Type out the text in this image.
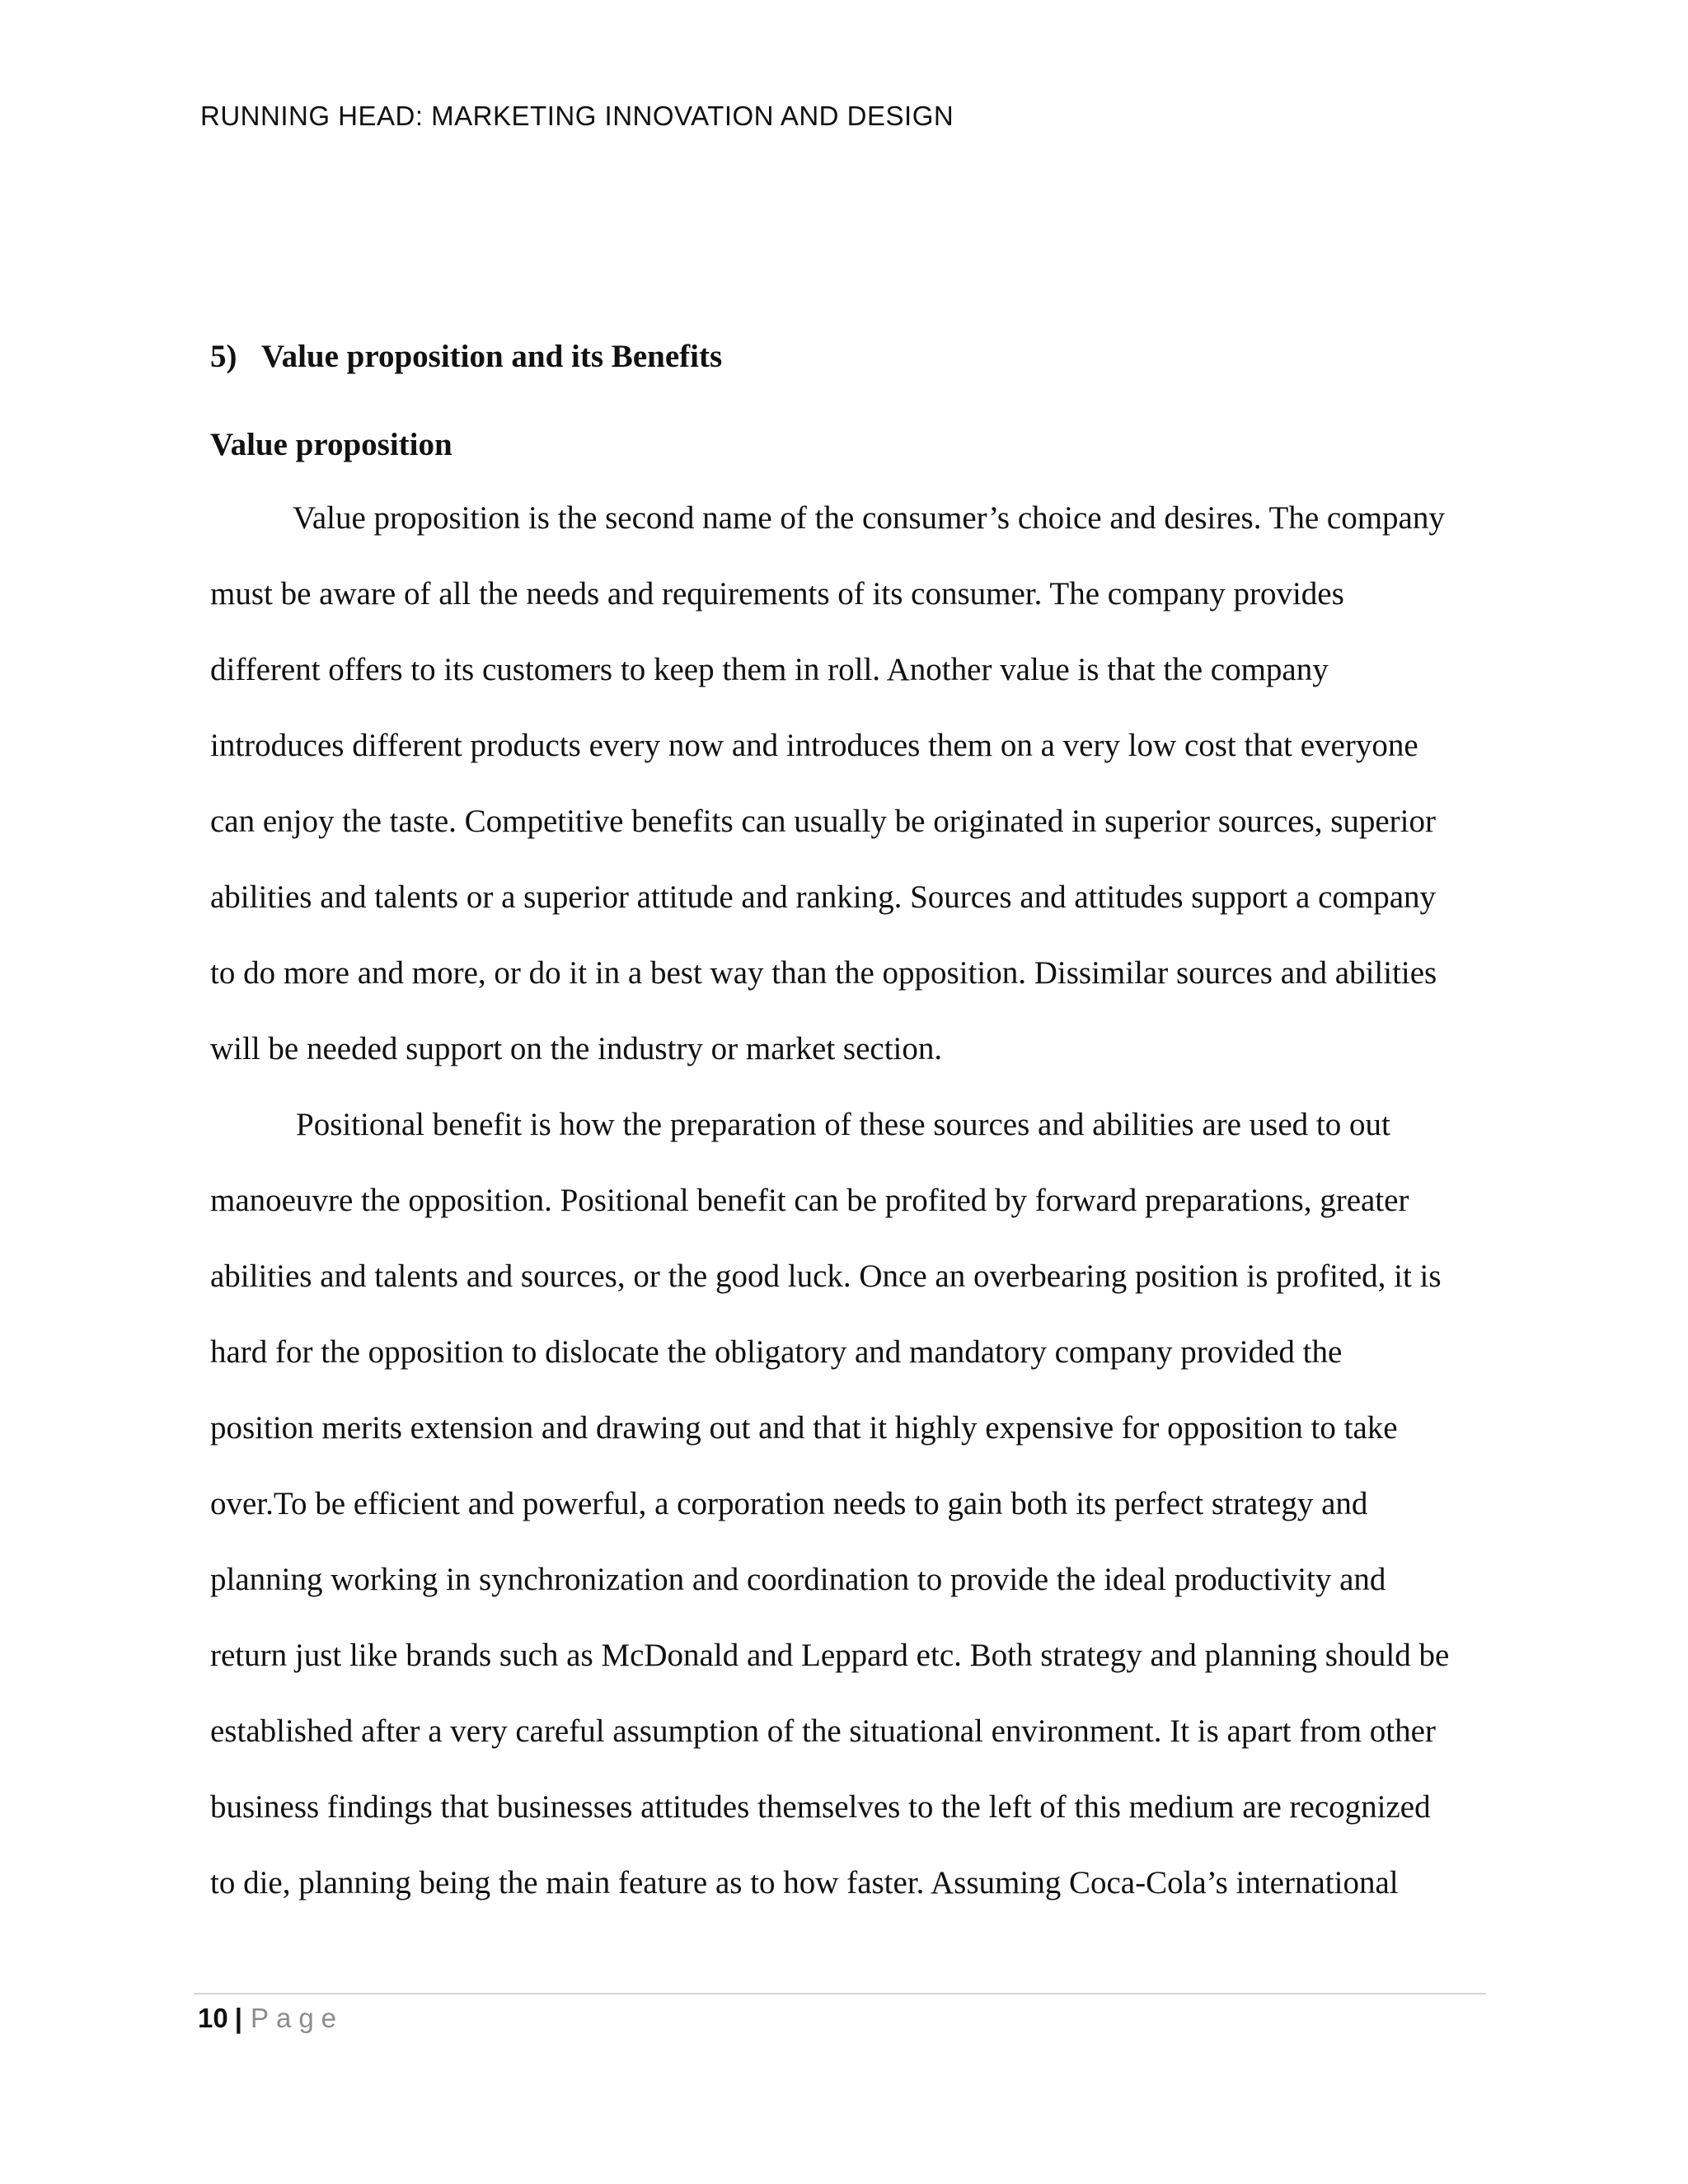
RUNNING HEAD: MARKETING INNOVATION AND DESIGN
5) Value proposition and its Benefits
Value proposition
Value proposition is the second name of the consumer’s choice and desires. The company
must be aware of all the needs and requirements of its consumer. The company provides
different offers to its customers to keep them in roll. Another value is that the company
introduces different products every now and introduces them on a very low cost that everyone
can enjoy the taste. Competitive benefits can usually be originated in superior sources, superior
abilities and talents or a superior attitude and ranking. Sources and attitudes support a company
to do more and more, or do it in a best way than the opposition. Dissimilar sources and abilities
will be needed support on the industry or market section.
Positional benefit is how the preparation of these sources and abilities are used to out
manoeuvre the opposition. Positional benefit can be profited by forward preparations, greater
abilities and talents and sources, or the good luck. Once an overbearing position is profited, it is
hard for the opposition to dislocate the obligatory and mandatory company provided the
position merits extension and drawing out and that it highly expensive for opposition to take
over.To be efficient and powerful, a corporation needs to gain both its perfect strategy and
planning working in synchronization and coordination to provide the ideal productivity and
return just like brands such as McDonald and Leppard etc. Both strategy and planning should be
established after a very careful assumption of the situational environment. It is apart from other
business findings that businesses attitudes themselves to the left of this medium are recognized
to die, planning being the main feature as to how faster. Assuming Coca-Cola’s international
10 | Page
